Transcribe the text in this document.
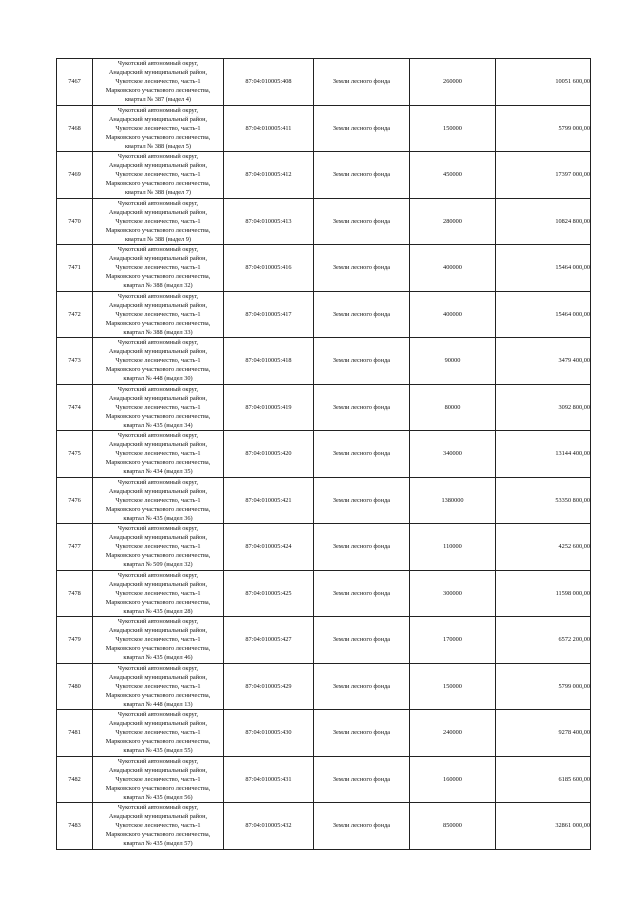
7467	Чукотский автономный округ,
Анадырский муниципальный район,
Чукотское лесничество, часть-1
Марковского участкового лесничества,
квартал № 387 (выдел 4)	87:04:010005:408	Земли лесного фонда	260000	10051 600,00
7468	Чукотский автономный округ,
Анадырский муниципальный район,
Чукотское лесничество, часть-1
Марковского участкового лесничества,
квартал № 388 (выдел 5)	87:04:010005:411	Земли лесного фонда	150000	5799 000,00
7469	Чукотский автономный округ,
Анадырский муниципальный район,
Чукотское лесничество, часть-1
Марковского участкового лесничества,
квартал № 388 (выдел 7)	87:04:010005:412	Земли лесного фонда	450000	17397 000,00
7470	Чукотский автономный округ,
Анадырский муниципальный район,
Чукотское лесничество, часть-1
Марковского участкового лесничества,
квартал № 388 (выдел 9)	87:04:010005:413	Земли лесного фонда	280000	10824 800,00
7471	Чукотский автономный округ,
Анадырский муниципальный район,
Чукотское лесничество, часть-1
Марковского участкового лесничества,
квартал № 388 (выдел 32)	87:04:010005:416	Земли лесного фонда	400000	15464 000,00
7472	Чукотский автономный округ,
Анадырский муниципальный район,
Чукотское лесничество, часть-1
Марковского участкового лесничества,
квартал № 388 (выдел 33)	87:04:010005:417	Земли лесного фонда	400000	15464 000,00
7473	Чукотский автономный округ,
Анадырский муниципальный район,
Чукотское лесничество, часть-1
Марковского участкового лесничества,
квартал № 448 (выдел 30)	87:04:010005:418	Земли лесного фонда	90000	3479 400,00
7474	Чукотский автономный округ,
Анадырский муниципальный район,
Чукотское лесничество, часть-1
Марковского участкового лесничества,
квартал № 435 (выдел 34)	87:04:010005:419	Земли лесного фонда	80000	3092 800,00
7475	Чукотский автономный округ,
Анадырский муниципальный район,
Чукотское лесничество, часть-1
Марковского участкового лесничества,
квартал № 434 (выдел 35)	87:04:010005:420	Земли лесного фонда	340000	13144 400,00
7476	Чукотский автономный округ,
Анадырский муниципальный район,
Чукотское лесничество, часть-1
Марковского участкового лесничества,
квартал № 435 (выдел 36)	87:04:010005:421	Земли лесного фонда	1380000	53350 800,00
7477	Чукотский автономный округ,
Анадырский муниципальный район,
Чукотское лесничество, часть-1
Марковского участкового лесничества,
квартал № 509 (выдел 32)	87:04:010005:424	Земли лесного фонда	110000	4252 600,00
7478	Чукотский автономный округ,
Анадырский муниципальный район,
Чукотское лесничество, часть-1
Марковского участкового лесничества,
квартал № 435 (выдел 28)	87:04:010005:425	Земли лесного фонда	300000	11598 000,00
7479	Чукотский автономный округ,
Анадырский муниципальный район,
Чукотское лесничество, часть-1
Марковского участкового лесничества,
квартал № 435 (выдел 46)	87:04:010005:427	Земли лесного фонда	170000	6572 200,00
7480	Чукотский автономный округ,
Анадырский муниципальный район,
Чукотское лесничество, часть-1
Марковского участкового лесничества,
квартал № 448 (выдел 13)	87:04:010005:429	Земли лесного фонда	150000	5799 000,00
7481	Чукотский автономный округ,
Анадырский муниципальный район,
Чукотское лесничество, часть-1
Марковского участкового лесничества,
квартал № 435 (выдел 55)	87:04:010005:430	Земли лесного фонда	240000	9278 400,00
7482	Чукотский автономный округ,
Анадырский муниципальный район,
Чукотское лесничество, часть-1
Марковского участкового лесничества,
квартал № 435 (выдел 56)	87:04:010005:431	Земли лесного фонда	160000	6185 600,00
7483	Чукотский автономный округ,
Анадырский муниципальный район,
Чукотское лесничество, часть-1
Марковского участкового лесничества,
квартал № 435 (выдел 57)	87:04:010005:432	Земли лесного фонда	850000	32861 000,00
